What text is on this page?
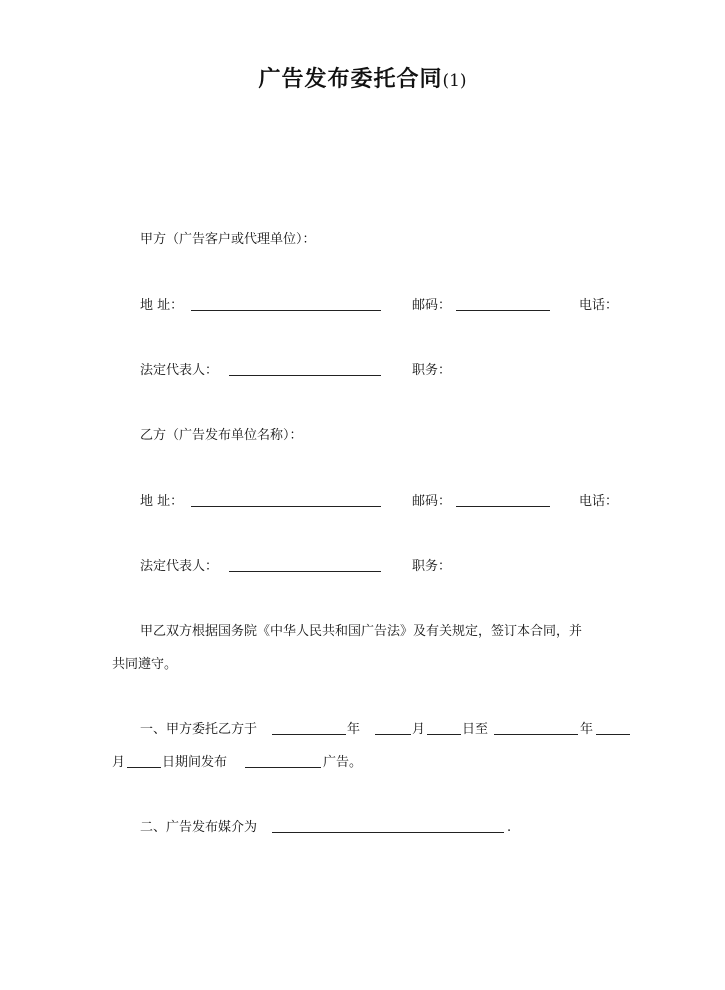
广告发布委托合同(1)
甲方（广告客户或代理单位）：
地 址：	邮码：	电话：
法定代表人：	职务：
乙方（广告发布单位名称）：
地 址：	邮码：	电话：
法定代表人：	职务：
甲乙双方根据国务院《中华人民共和国广告法》及有关规定，签订本合同，并
共同遵守。
一、甲方委托乙方于	年	月	日至	年
月	日期间发布	广告。
二、广告发布媒介为	.
